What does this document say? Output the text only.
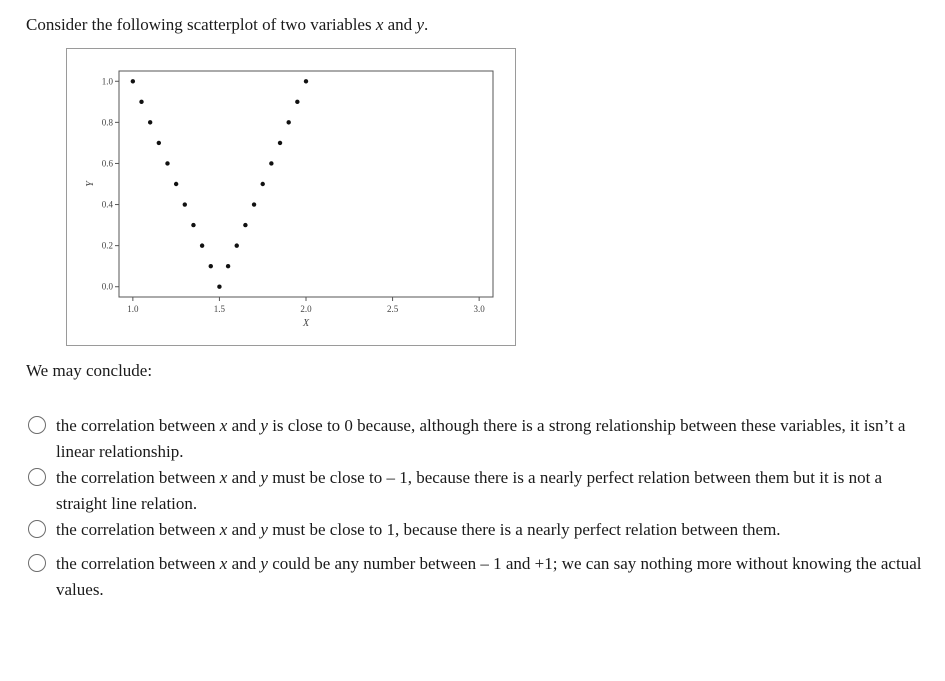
Consider the following scatterplot of two variables x and y.
1.0	1.5	2.0	2.5	3.0
0.0
0.2
0.4
0.6
0.8
1.0
X
Y
We may conclude:
the correlation between x and y is close to 0 because, although there is a strong relationship between these variables, it isn’t a linear relationship.
the correlation between x and y must be close to – 1, because there is a nearly perfect relation between them but it is not a straight line relation.
the correlation between x and y must be close to 1, because there is a nearly perfect relation between them.
the correlation between x and y could be any number between – 1 and +1; we can say nothing more without knowing the actual values.
